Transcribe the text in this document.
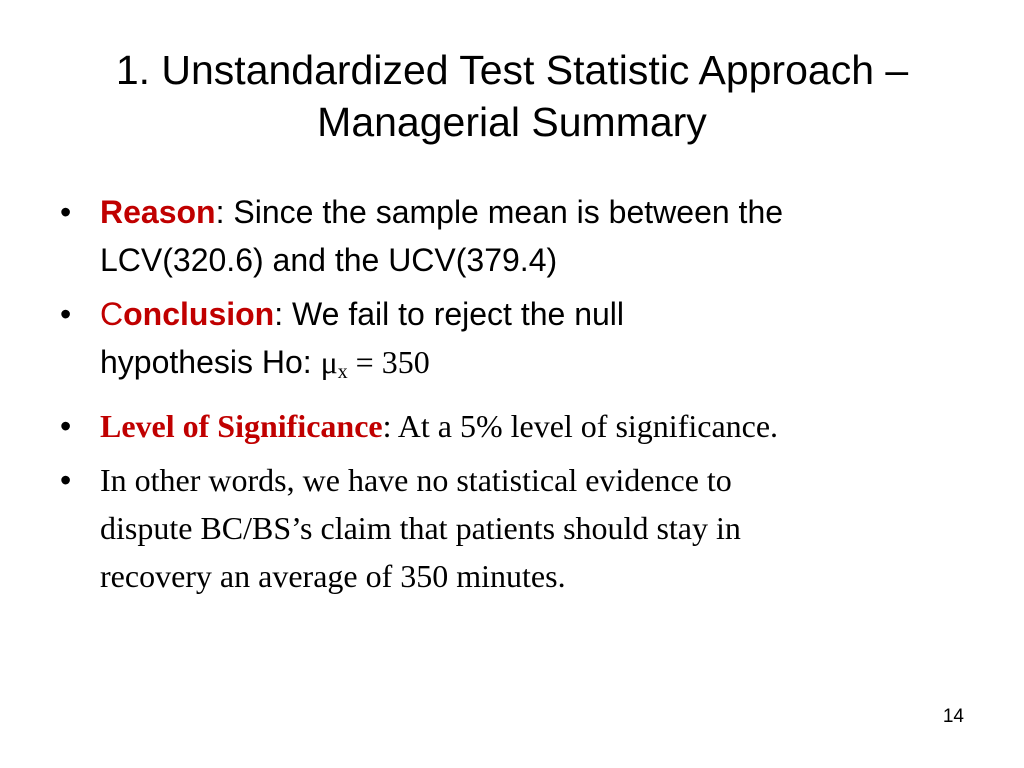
1. Unstandardized Test Statistic Approach –
Managerial Summary
• Reason: Since the sample mean is between the
LCV(320.6) and the UCV(379.4)
• Conclusion: We fail to reject the null
hypothesis Ho: μx = 350
• Level of Significance: At a 5% level of significance.
• In other words, we have no statistical evidence to
dispute BC/BS’s claim that patients should stay in
recovery an average of 350 minutes.
14
